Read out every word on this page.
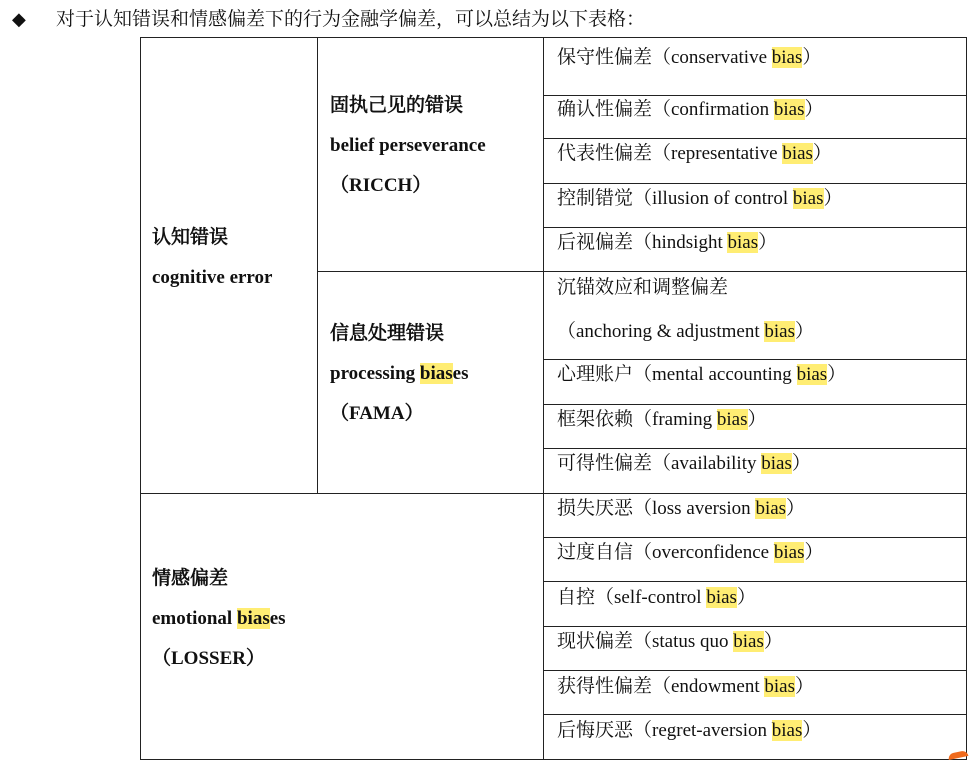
◆ 对于认知错误和情感偏差下的行为金融学偏差，可以总结为以下表格：
认知错误
cognitive error
固执己见的错误
belief perseverance
（RICCH）
信息处理错误
processing biases
（FAMA）
情感偏差
emotional biases
（LOSSER）
保守性偏差（conservative bias）
确认性偏差（confirmation bias）
代表性偏差（representative bias）
控制错觉（illusion of control bias）
后视偏差（hindsight bias）
沉锚效应和调整偏差
（anchoring & adjustment bias）
心理账户（mental accounting bias）
框架依赖（framing bias）
可得性偏差（availability bias）
损失厌恶（loss aversion bias）
过度自信（overconfidence bias）
自控（self-control bias）
现状偏差（status quo bias）
获得性偏差（endowment bias）
后悔厌恶（regret-aversion bias）
